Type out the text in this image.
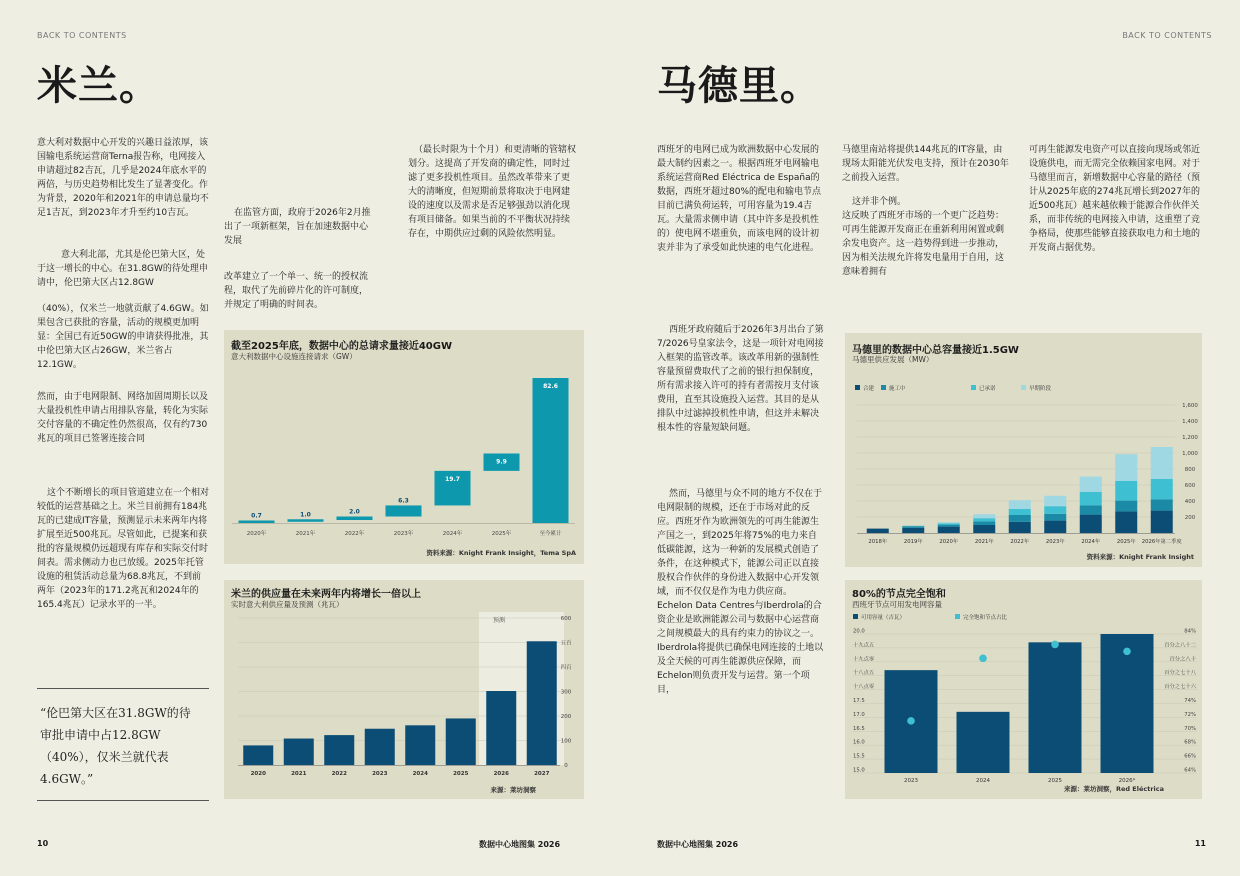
BACK TO CONTENTS
米兰。

意大利对数据中心开发的兴趣日益浓厚，该国输电系统运营商Terna报告称，电网接入申请超过82吉瓦，几乎是2024年底水平的两倍，与历史趋势相比发生了显著变化。作为背景，2020年和2021年的申请总量均不足1吉瓦，到2023年才升至约10吉瓦。

意大利北部，尤其是伦巴第大区，处于这一增长的中心。在31.8GW的待处理申请中，伦巴第大区占12.8GW

（40%），仅米兰一地就贡献了4.6GW。如果包含已获批的容量，活动的规模更加明显：全国已有近50GW的申请获得批准，其中伦巴第大区占26GW，米兰省占12.1GW。

然而，由于电网限制、网络加固周期长以及大量投机性申请占用排队容量，转化为实际交付容量的不确定性仍然很高，仅有约730兆瓦的项目已签署连接合同

这个不断增长的项目管道建立在一个相对较低的运营基础之上。米兰目前拥有184兆瓦的已建成IT容量，预测显示未来两年内将扩展至近500兆瓦。尽管如此，已提案和获批的容量规模仍远超现有库存和实际交付时间表。需求侧动力也已放缓。2025年托管设施的租赁活动总量为68.8兆瓦，不到前两年（2023年的171.2兆瓦和2024年的165.4兆瓦）记录水平的一半。

在监管方面，政府于2026年2月推出了一项新框架，旨在加速数据中心发展

改革建立了一个单一、统一的授权流程，取代了先前碎片化的许可制度，并规定了明确的时间表。

（最长时限为十个月）和更清晰的管辖权划分。这提高了开发商的确定性，同时过滤了更多投机性项目。虽然改革带来了更大的清晰度，但短期前景将取决于电网建设的速度以及需求是否足够强劲以消化现有项目储备。如果当前的不平衡状况持续存在，中期供应过剩的风险依然明显。

“伦巴第大区在31.8GW的待审批申请中占12.8GW（40%），仅米兰就代表4.6GW。”
截至2025年底，数据中心的总请求量接近40GW
意大利数据中心设施连接请求（GW）
0.7
2020年
1.0
2021年
2.0
2022年
6.3
2023年
19.7
2024年
9.9
2025年
82.6
至今累计
资料来源：Knight Frank Insight，Tema SpA
米兰的供应量在未来两年内将增长一倍以上
实时意大利供应量及预测（兆瓦）
预测
0
100
200
300
四百
五百
600
2020	2021	2022	2023	2024	2025	2026	2027
来源：莱坊洞察
10	数据中心地图集 2026
BACK TO CONTENTS
马德里。

西班牙的电网已成为欧洲数据中心发展的最大制约因素之一。根据西班牙电网输电系统运营商Red Eléctrica de España的数据，西班牙超过80%的配电和输电节点目前已满负荷运转，可用容量为19.4吉瓦。大量需求侧申请（其中许多是投机性的）使电网不堪重负，而该电网的设计初衷并非为了承受如此快速的电气化进程。

西班牙政府随后于2026年3月出台了第7/2026号皇家法令，这是一项针对电网接入框架的监管改革。该改革用新的强制性容量预留费取代了之前的银行担保制度，所有需求接入许可的持有者需按月支付该费用，直至其设施投入运营。其目的是从排队中过滤掉投机性申请，但这并未解决根本性的容量短缺问题。

然而，马德里与众不同的地方不仅在于电网限制的规模，还在于市场对此的反应。西班牙作为欧洲领先的可再生能源生产国之一，到2025年将75%的电力来自低碳能源，这为一种新的发展模式创造了条件，在这种模式下，能源公司正以直接股权合作伙伴的身份进入数据中心开发领域，而不仅仅是作为电力供应商。Echelon Data Centres与Iberdrola的合资企业是欧洲能源公司与数据中心运营商之间规模最大的具有约束力的协议之一。Iberdrola将提供已确保电网连接的土地以及全天候的可再生能源供应保障，而Echelon则负责开发与运营。第一个项目，

马德里南站将提供144兆瓦的IT容量，由现场太阳能光伏发电支持，预计在2030年之前投入运营。

这并非个例。

这反映了西班牙市场的一个更广泛趋势：可再生能源开发商正在重新利用闲置或剩余发电资产。这一趋势得到进一步推动，因为相关法规允许将发电量用于自用，这意味着拥有

可再生能源发电资产可以直接向现场或邻近设施供电，而无需完全依赖国家电网。对于马德里而言，新增数据中心容量的路径（预计从2025年底的274兆瓦增长到2027年的近500兆瓦）越来越依赖于能源合作伙伴关系，而非传统的电网接入申请，这重塑了竞争格局，使那些能够直接获取电力和土地的开发商占据优势。

马德里的数据中心总容量接近1.5GW
马德里供应发展（MW）
合建	施工中	已承诺	早期阶段
200
400
600
800
1,000
1,200
1,400
1,600
2018年	2019年	2020年	2021年	2022年	2023年	2024年	2025年 2026年第二季度
资料来源：Knight Frank Insight
80%的节点完全饱和
西班牙节点可用发电网容量
可用容量（吉瓦）	完全饱和节点占比
15.0	64%
15.5	66%
16.0	68%
16.5	70%
17.0	72%
17.5	74%
十八点零	百分之七十六
十八点五	百分之七十八
十九点零	百分之八十
十九点五	百分之八十二
20.0	84%
2023	2024	2025	2026*
来源：莱坊洞察，Red Eléctrica
数据中心地图集 2026	11
